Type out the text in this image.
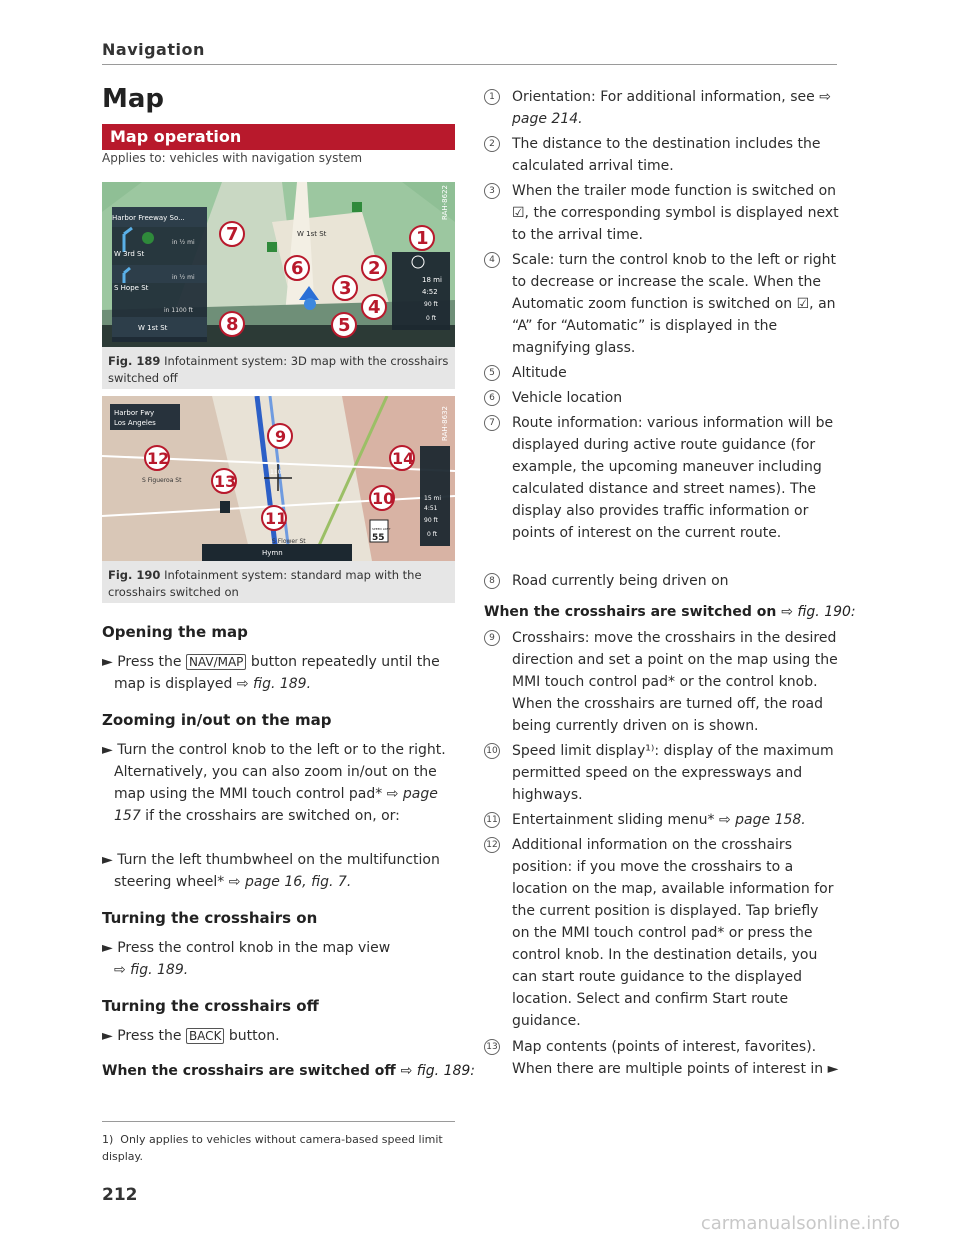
Navigation
Map
Map operation
Applies to: vehicles with navigation system
Harbor Freeway So...
in ½ mi
W 3rd St
in ½ mi
S Hope St
in 1100 ft
W 1st St
W 1st St
18 mi
4:52
90 ft
0 ft
RAH-8622
1
2
3
4
5
6
7
8
Fig. 189 Infotainment system: 3D map with the crosshairs switched off
Harbor Fwy
Los Angeles
S Figueroa St
S Flower St
110
SPEED LIMIT
55
Hymn
15 mi
4:51
90 ft
0 ft
RAH-8632
9
10
11
12
13
14
Fig. 190 Infotainment system: standard map with the crosshairs switched on
Opening the map
► Press the NAV/MAP button repeatedly until the map is displayed ⇨ fig. 189.
Zooming in/out on the map
► Turn the control knob to the left or to the right. Alternatively, you can also zoom in/out on the map using the MMI touch control pad* ⇨ page 157 if the crosshairs are switched on, or:
► Turn the left thumbwheel on the multifunction steering wheel* ⇨ page 16, fig. 7.
Turning the crosshairs on
► Press the control knob in the map view
⇨ fig. 189.
Turning the crosshairs off
► Press the BACK button.
When the crosshairs are switched off ⇨ fig. 189:
1) Only applies to vehicles without camera-based speed limit display.
212
1	Orientation: For additional information, see ⇨ page 214.
2	The distance to the destination includes the calculated arrival time.
3	When the trailer mode function is switched on ☑, the corresponding symbol is displayed next to the arrival time.
4	Scale: turn the control knob to the left or right to decrease or increase the scale. When the Automatic zoom function is switched on ☑, an “A” for “Automatic” is displayed in the magnifying glass.
5	Altitude
6	Vehicle location
7	Route information: various information will be displayed during active route guidance (for example, the upcoming maneuver including calculated distance and street names). The display also provides traffic information or points of interest on the current route.
8	Road currently being driven on
When the crosshairs are switched on ⇨ fig. 190:
9	Crosshairs: move the crosshairs in the desired direction and set a point on the map using the MMI touch control pad* or the control knob. When the crosshairs are turned off, the road being currently driven on is shown.
10	Speed limit display¹⁾: display of the maximum permitted speed on the expressways and highways.
11	Entertainment sliding menu* ⇨ page 158.
12	Additional information on the crosshairs position: if you move the crosshairs to a location on the map, available information for the current position is displayed. Tap briefly on the MMI touch control pad* or press the control knob. In the destination details, you can start route guidance to the displayed location. Select and confirm Start route guidance.
13	Map contents (points of interest, favorites). When there are multiple points of interest in ►
carmanualsonline.info
